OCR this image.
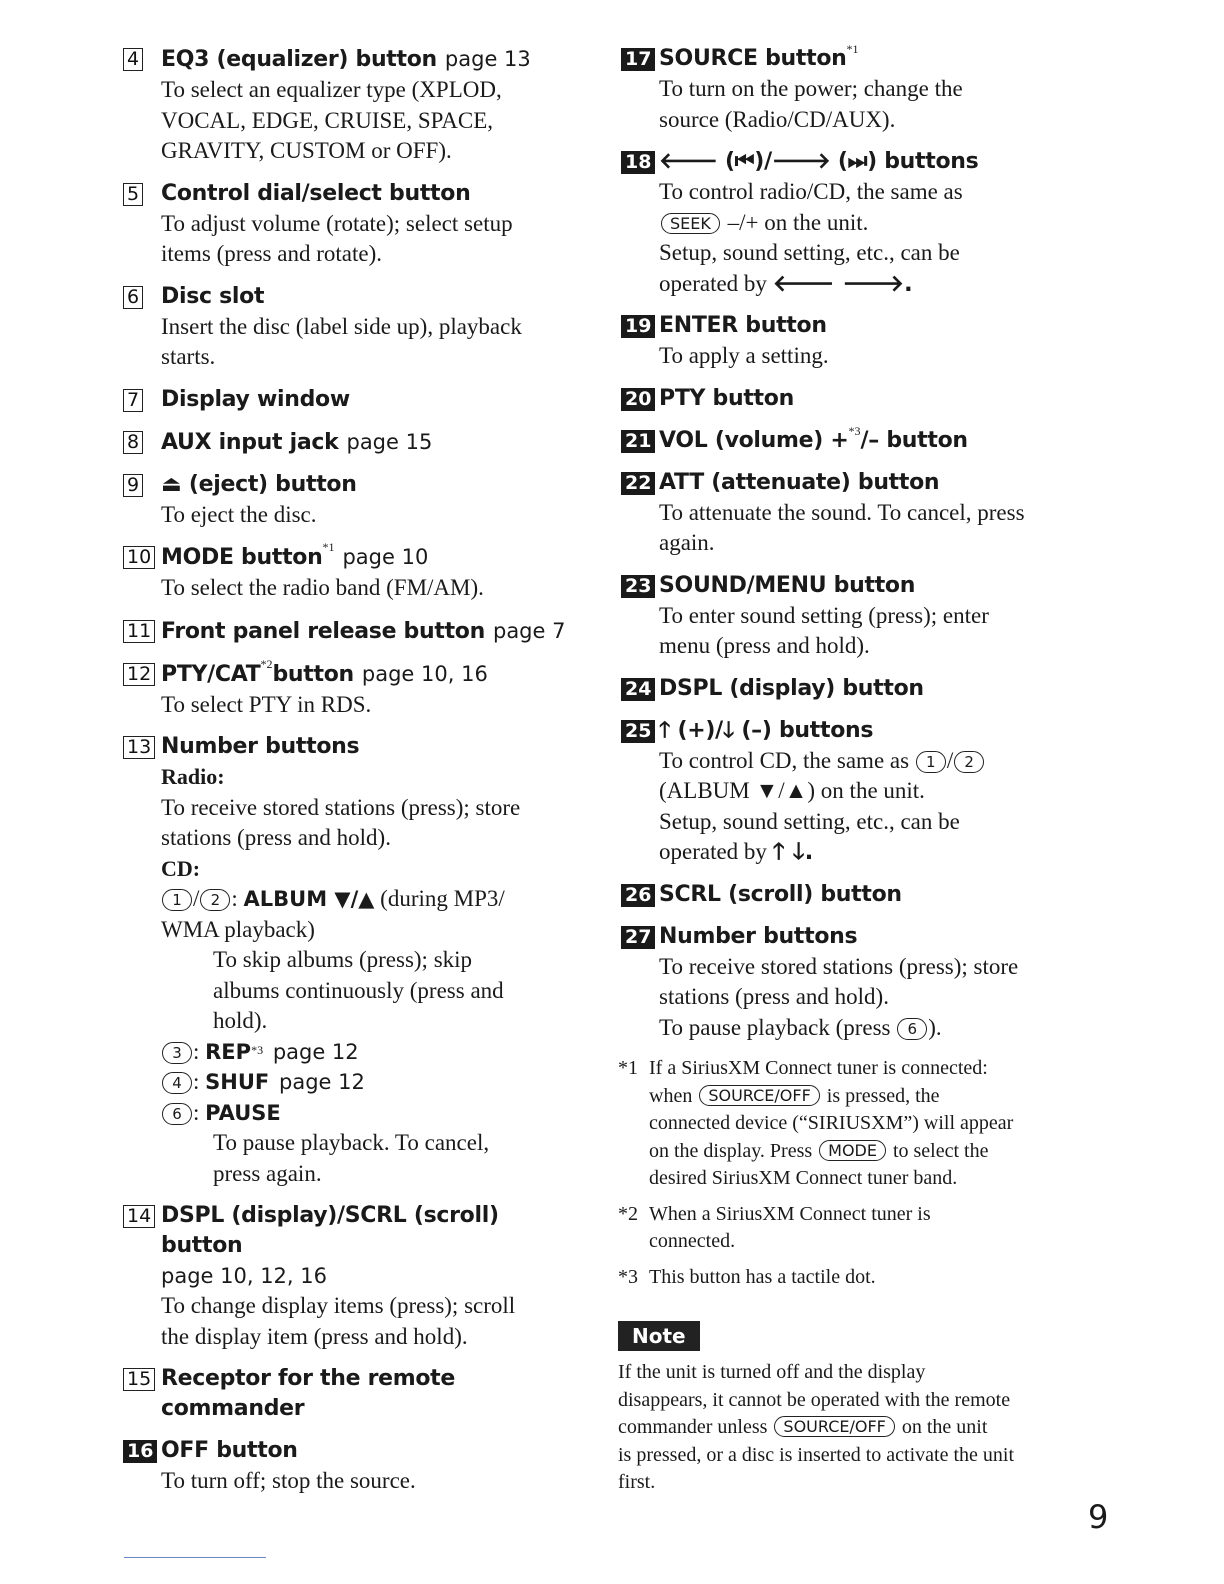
4 EQ3 (equalizer) button page 13
To select an equalizer type (XPLOD,
VOCAL, EDGE, CRUISE, SPACE,
GRAVITY, CUSTOM or OFF).
5 Control dial/select button
To adjust volume (rotate); select setup
items (press and rotate).
6 Disc slot
Insert the disc (label side up), playback
starts.
7 Display window
8 AUX input jack page 15
9 ⏏ (eject) button
To eject the disc.
10 MODE button$^{*1}$ page 10
To select the radio band (FM/AM).
11 Front panel release button page 7
12 PTY/CAT$^{*2}$button page 10, 16
To select PTY in RDS.
13 Number buttons
Radio:
To receive stored stations (press); store
stations (press and hold).
CD:
1 / 2 : ALBUM ▼/▲ (during MP3/
WMA playback)
To skip albums (press); skip
albums continuously (press and
hold).
3 : REP$^{*3}$ page 12
4 : SHUF page 12
6 : PAUSE
To pause playback. To cancel,
press again.
14 DSPL (display)/SCRL (scroll) button
page 10, 12, 16
To change display items (press); scroll
the display item (press and hold).
15 Receptor for the remote
commander
16 OFF button
To turn off; stop the source.
17 SOURCE button$^{*1}$
To turn on the power; change the
source (Radio/CD/AUX).
18 🡐 (⏮)/🡒 (⏭) buttons
To control radio/CD, the same as
SEEK –/+ on the unit.
Setup, sound setting, etc., can be
operated by 🡐 🡒.
19 ENTER button
To apply a setting.
20 PTY button
21 VOL (volume) +$^{*3}$/– button
22 ATT (attenuate) button
To attenuate the sound. To cancel, press
again.
23 SOUND/MENU button
To enter sound setting (press); enter
menu (press and hold).
24 DSPL (display) button
25 🡑 (+)/🡓 (–) buttons
To control CD, the same as 1 / 2
(ALBUM ▼/▲) on the unit.
Setup, sound setting, etc., can be
operated by 🡑 🡓.
26 SCRL (scroll) button
27 Number buttons
To receive stored stations (press); store
stations (press and hold).
To pause playback (press 6 ).
*1 If a SiriusXM Connect tuner is connected:
when SOURCE/OFF is pressed, the
connected device (“SIRIUSXM”) will appear
on the display. Press MODE to select the
desired SiriusXM Connect tuner band.
*2 When a SiriusXM Connect tuner is
connected.
*3 This button has a tactile dot.
Note
If the unit is turned off and the display
disappears, it cannot be operated with the remote
commander unless SOURCE/OFF on the unit
is pressed, or a disc is inserted to activate the unit
first.
9
